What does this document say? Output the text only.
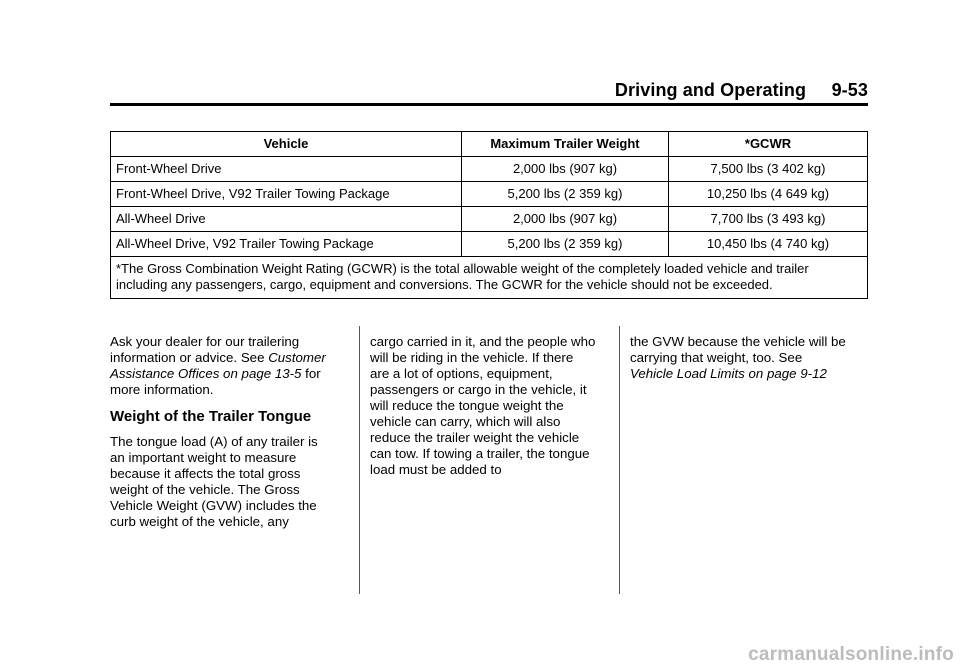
Driving and Operating 9-53
Vehicle	Maximum Trailer Weight	*GCWR
Front-Wheel Drive	2,000 lbs (907 kg)	7,500 lbs (3 402 kg)
Front-Wheel Drive, V92 Trailer Towing Package	5,200 lbs (2 359 kg)	10,250 lbs (4 649 kg)
All-Wheel Drive	2,000 lbs (907 kg)	7,700 lbs (3 493 kg)
All-Wheel Drive, V92 Trailer Towing Package	5,200 lbs (2 359 kg)	10,450 lbs (4 740 kg)
*The Gross Combination Weight Rating (GCWR) is the total allowable weight of the completely loaded vehicle and trailer including any passengers, cargo, equipment and conversions. The GCWR for the vehicle should not be exceeded.		

Ask your dealer for our trailering information or advice. See Customer Assistance Offices on page 13-5 for more information.

Weight of the Trailer Tongue

The tongue load (A) of any trailer is an important weight to measure because it affects the total gross weight of the vehicle. The Gross Vehicle Weight (GVW) includes the curb weight of the vehicle, any

cargo carried in it, and the people who will be riding in the vehicle. If there are a lot of options, equipment, passengers or cargo in the vehicle, it will reduce the tongue weight the vehicle can carry, which will also reduce the trailer weight the vehicle can tow. If towing a trailer, the tongue load must be added to

the GVW because the vehicle will be carrying that weight, too. See
Vehicle Load Limits on page 9-12

carmanualsonline.info
